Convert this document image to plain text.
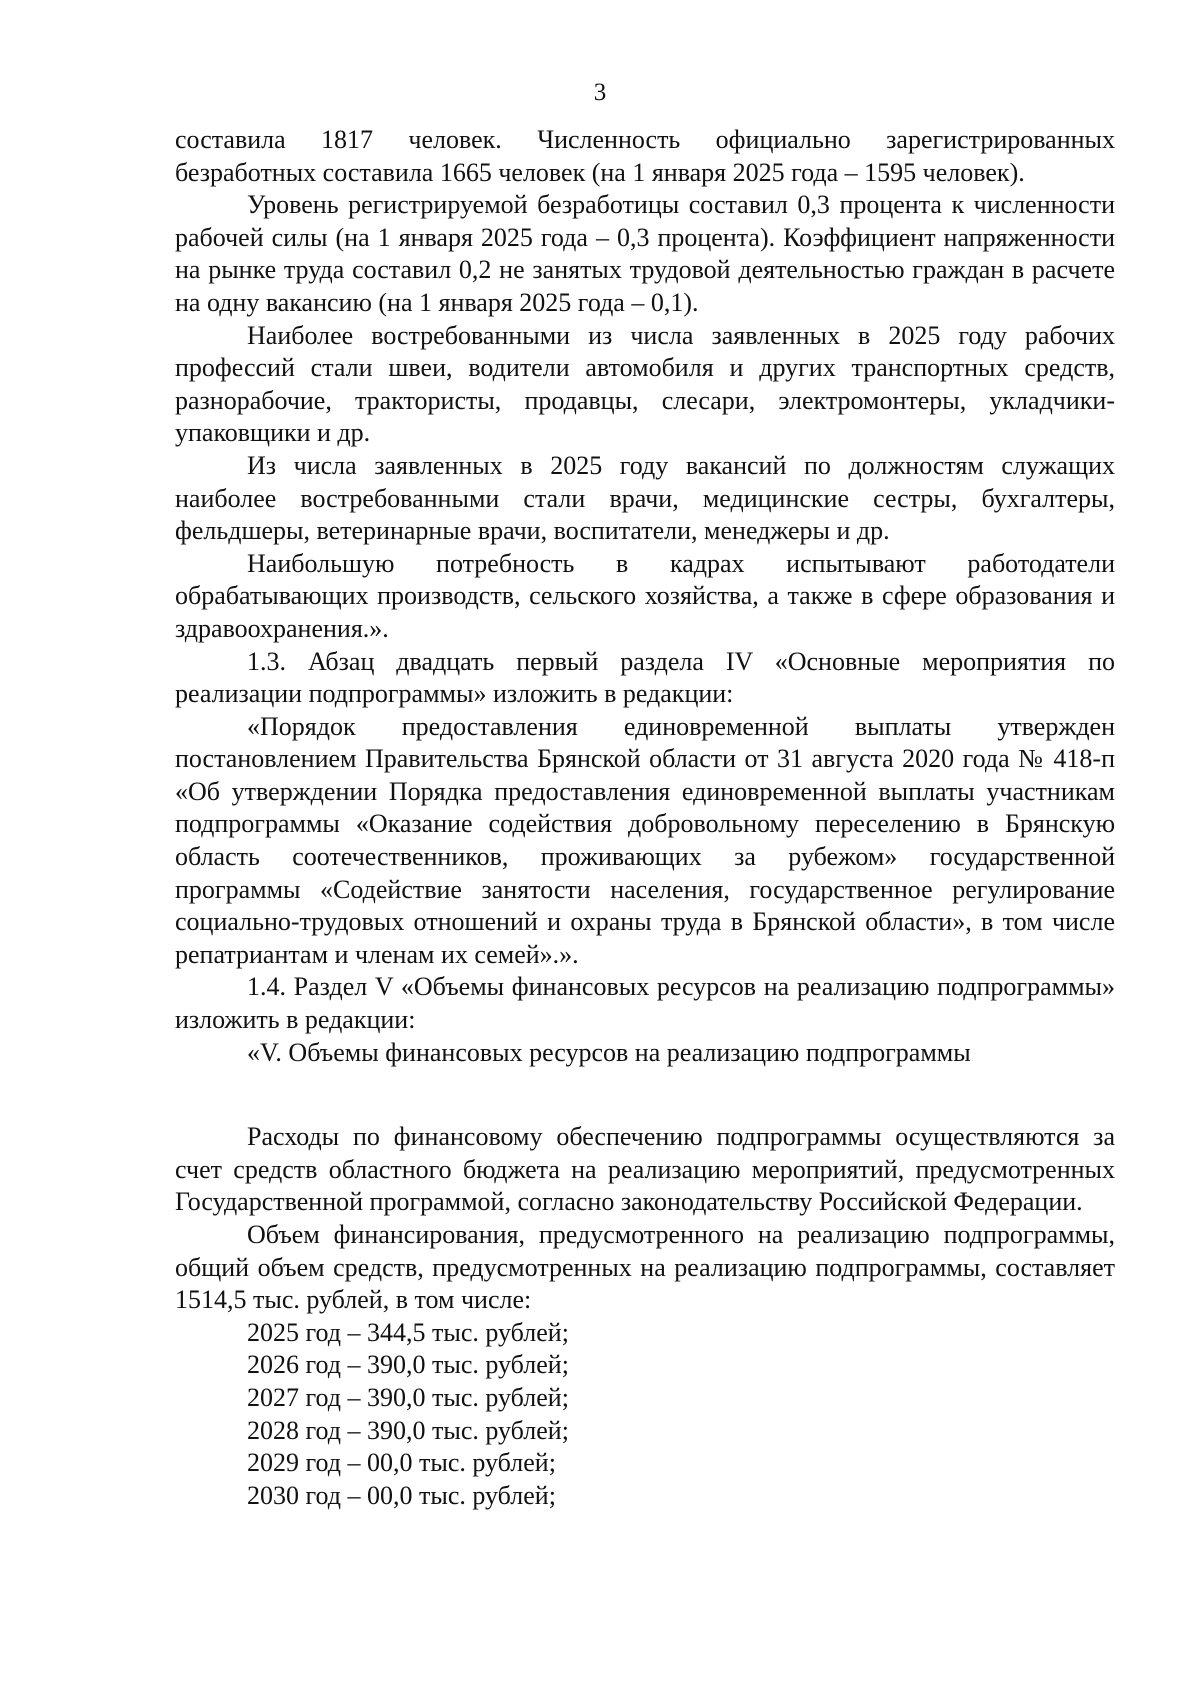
3

составила 1817 человек. Численность официально зарегистрированных безработных составила 1665 человек (на 1 января 2025 года – 1595 человек).

Уровень регистрируемой безработицы составил 0,3 процента к численности рабочей силы (на 1 января 2025 года – 0,3 процента). Коэффициент напряженности на рынке труда составил 0,2 не занятых трудовой деятельностью граждан в расчете на одну вакансию (на 1 января 2025 года – 0,1).

Наиболее востребованными из числа заявленных в 2025 году рабочих профессий стали швеи, водители автомобиля и других транспортных средств, разнорабочие, трактористы, продавцы, слесари, электромонтеры, укладчики-упаковщики и др.

Из числа заявленных в 2025 году вакансий по должностям служащих наиболее востребованными стали врачи, медицинские сестры, бухгалтеры, фельдшеры, ветеринарные врачи, воспитатели, менеджеры и др.

Наибольшую потребность в кадрах испытывают работодатели обрабатывающих производств, сельского хозяйства, а также в сфере образования и здравоохранения.».

1.3. Абзац двадцать первый раздела IV «Основные мероприятия по реализации подпрограммы» изложить в редакции:

«Порядок предоставления единовременной выплаты утвержден постановлением Правительства Брянской области от 31 августа 2020 года № 418-п «Об утверждении Порядка предоставления единовременной выплаты участникам подпрограммы «Оказание содействия добровольному переселению в Брянскую область соотечественников, проживающих за рубежом» государственной программы «Содействие занятости населения, государственное регулирование социально-трудовых отношений и охраны труда в Брянской области», в том числе репатриантам и членам их семей».».

1.4. Раздел V «Объемы финансовых ресурсов на реализацию подпрограммы» изложить в редакции:

«V. Объемы финансовых ресурсов на реализацию подпрограммы

Расходы по финансовому обеспечению подпрограммы осуществляются за счет средств областного бюджета на реализацию мероприятий, предусмотренных Государственной программой, согласно законодательству Российской Федерации.

Объем финансирования, предусмотренного на реализацию подпрограммы, общий объем средств, предусмотренных на реализацию подпрограммы, составляет 1514,5 тыс. рублей, в том числе:

2025 год – 344,5 тыс. рублей;
2026 год – 390,0 тыс. рублей;
2027 год – 390,0 тыс. рублей;
2028 год – 390,0 тыс. рублей;
2029 год – 00,0 тыс. рублей;
2030 год – 00,0 тыс. рублей;
